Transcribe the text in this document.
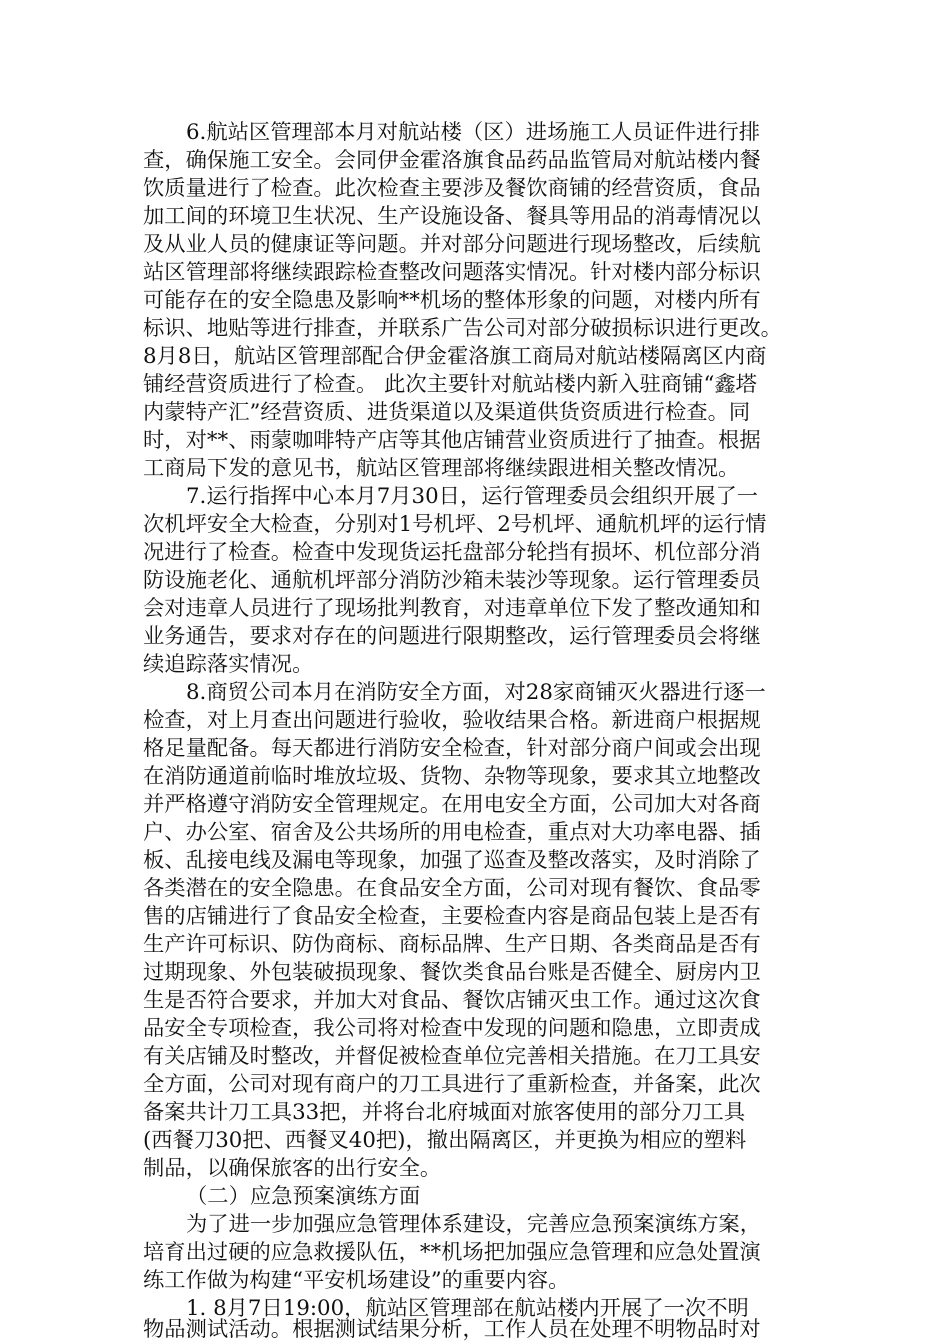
6.航站区管理部本月对航站楼（区）进场施工人员证件进行排

查，确保施工安全。会同伊金霍洛旗食品药品监管局对航站楼内餐

饮质量进行了检查。此次检查主要涉及餐饮商铺的经营资质，食品

加工间的环境卫生状况、生产设施设备、餐具等用品的消毒情况以

及从业人员的健康证等问题。并对部分问题进行现场整改，后续航

站区管理部将继续跟踪检查整改问题落实情况。针对楼内部分标识

可能存在的安全隐患及影响**机场的整体形象的问题，对楼内所有

标识、地贴等进行排查，并联系广告公司对部分破损标识进行更改。

8月8日，航站区管理部配合伊金霍洛旗工商局对航站楼隔离区内商

铺经营资质进行了检查。 此次主要针对航站楼内新入驻商铺“鑫塔

内蒙特产汇”经营资质、进货渠道以及渠道供货资质进行检查。同

时，对**、雨蒙咖啡特产店等其他店铺营业资质进行了抽查。根据

工商局下发的意见书，航站区管理部将继续跟进相关整改情况。

7.运行指挥中心本月7月30日，运行管理委员会组织开展了一

次机坪安全大检查，分别对1号机坪、2号机坪、通航机坪的运行情

况进行了检查。检查中发现货运托盘部分轮挡有损坏、机位部分消

防设施老化、通航机坪部分消防沙箱未装沙等现象。运行管理委员

会对违章人员进行了现场批判教育，对违章单位下发了整改通知和

业务通告，要求对存在的问题进行限期整改，运行管理委员会将继

续追踪落实情况。

8.商贸公司本月在消防安全方面，对28家商铺灭火器进行逐一

检查，对上月查出问题进行验收，验收结果合格。新进商户根据规

格足量配备。每天都进行消防安全检查，针对部分商户间或会出现

在消防通道前临时堆放垃圾、货物、杂物等现象，要求其立地整改

并严格遵守消防安全管理规定。在用电安全方面，公司加大对各商

户、办公室、宿舍及公共场所的用电检查，重点对大功率电器、插

板、乱接电线及漏电等现象，加强了巡查及整改落实，及时消除了

各类潜在的安全隐患。在食品安全方面，公司对现有餐饮、食品零

售的店铺进行了食品安全检查，主要检查内容是商品包装上是否有

生产许可标识、防伪商标、商标品牌、生产日期、各类商品是否有

过期现象、外包装破损现象、餐饮类食品台账是否健全、厨房内卫

生是否符合要求，并加大对食品、餐饮店铺灭虫工作。通过这次食

品安全专项检查，我公司将对检查中发现的问题和隐患，立即责成

有关店铺及时整改，并督促被检查单位完善相关措施。在刀工具安

全方面，公司对现有商户的刀工具进行了重新检查，并备案，此次

备案共计刀工具33把，并将台北府城面对旅客使用的部分刀工具

(西餐刀30把、西餐叉40把)，撤出隔离区，并更换为相应的塑料

制品，以确保旅客的出行安全。

（二）应急预案演练方面

为了进一步加强应急管理体系建设，完善应急预案演练方案，

培育出过硬的应急救援队伍，**机场把加强应急管理和应急处置演

练工作做为构建“平安机场建设”的重要内容。

1. 8月7日19:00，航站区管理部在航站楼内开展了一次不明

物品测试活动。根据测试结果分析，工作人员在处理不明物品时对
